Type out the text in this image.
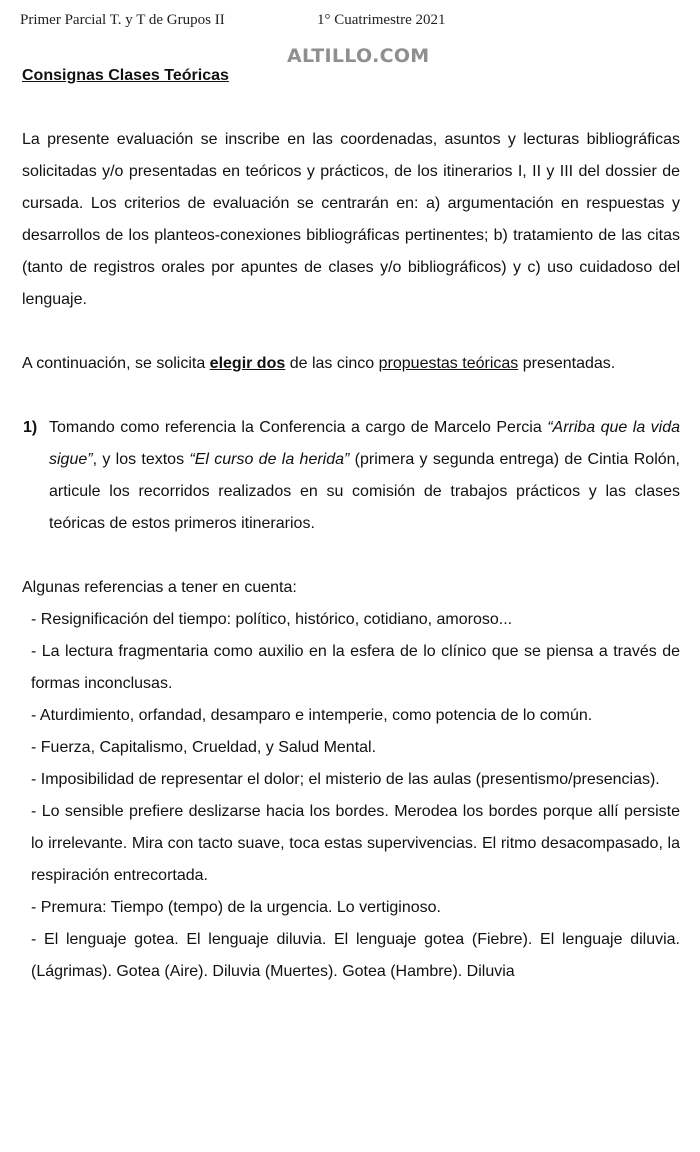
Primer Parcial T. y T de Grupos II	1° Cuatrimestre 2021
ALTILLO.COM
Consignas Clases Teóricas

La presente evaluación se inscribe en las coordenadas, asuntos y lecturas bibliográficas solicitadas y/o presentadas en teóricos y prácticos, de los itinerarios I, II y III del dossier de cursada. Los criterios de evaluación se centrarán en: a) argumentación en respuestas y desarrollos de los planteos-conexiones bibliográficas pertinentes; b) tratamiento de las citas (tanto de registros orales por apuntes de clases y/o bibliográficos) y c) uso cuidadoso del lenguaje.

A continuación, se solicita elegir dos de las cinco propuestas teóricas presentadas.

1) Tomando como referencia la Conferencia a cargo de Marcelo Percia “Arriba que la vida sigue”, y los textos “El curso de la herida” (primera y segunda entrega) de Cintia Rolón, articule los recorridos realizados en su comisión de trabajos prácticos y las clases teóricas de estos primeros itinerarios.

Algunas referencias a tener en cuenta:

- Resignificación del tiempo: político, histórico, cotidiano, amoroso...
- La lectura fragmentaria como auxilio en la esfera de lo clínico que se piensa a través de formas inconclusas.
- Aturdimiento, orfandad, desamparo e intemperie, como potencia de lo común.
- Fuerza, Capitalismo, Crueldad, y Salud Mental.
- Imposibilidad de representar el dolor; el misterio de las aulas (presentismo/presencias).
- Lo sensible prefiere deslizarse hacia los bordes. Merodea los bordes porque allí persiste lo irrelevante. Mira con tacto suave, toca estas supervivencias. El ritmo desacompasado, la respiración entrecortada.
- Premura: Tiempo (tempo) de la urgencia. Lo vertiginoso.
- El lenguaje gotea. El lenguaje diluvia. El lenguaje gotea (Fiebre). El lenguaje diluvia. (Lágrimas). Gotea (Aire). Diluvia (Muertes). Gotea (Hambre). Diluvia
